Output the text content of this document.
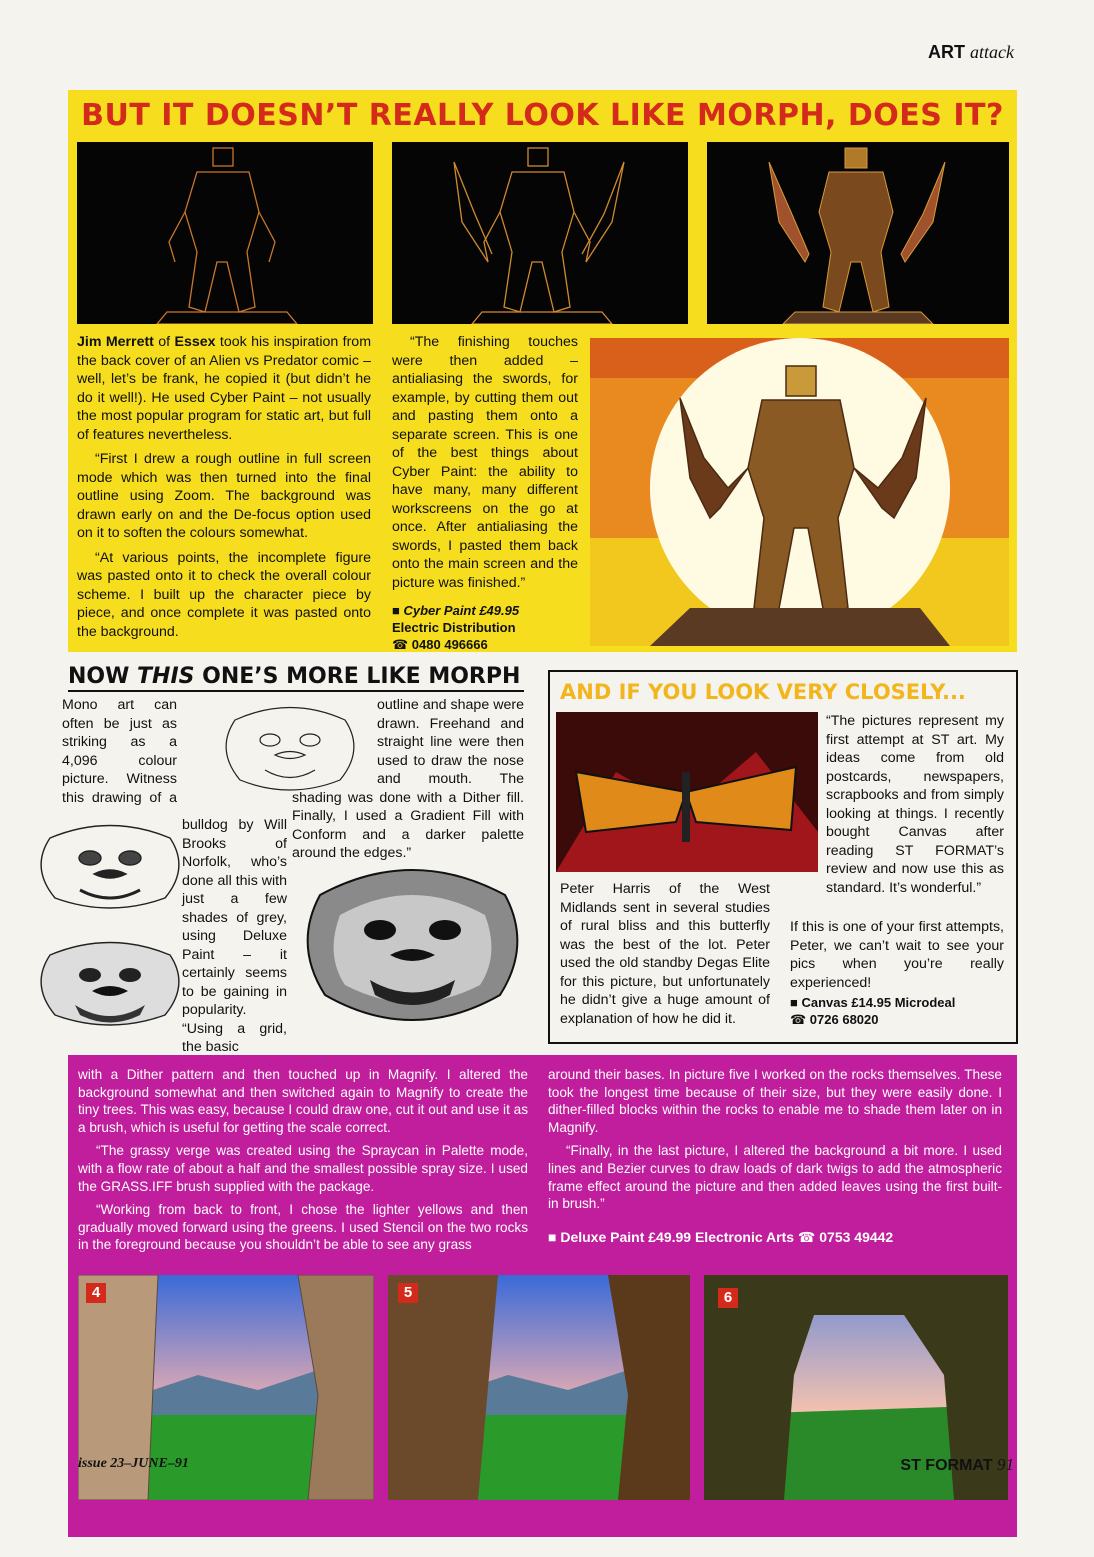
ART attack
BUT IT DOESN’T REALLY LOOK LIKE MORPH, DOES IT?

Jim Merrett of Essex took his inspiration from the back cover of an Alien vs Predator comic – well, let’s be frank, he copied it (but didn’t he do it well!). He used Cyber Paint – not usually the most popular program for static art, but full of features nevertheless.

“First I drew a rough outline in full screen mode which was then turned into the final outline using Zoom. The background was drawn early on and the De-focus option used on it to soften the colours somewhat.

“At various points, the incomplete figure was pasted onto it to check the overall colour scheme. I built up the character piece by piece, and once complete it was pasted onto the background.

“The finishing touches were then added – antialiasing the swords, for example, by cutting them out and pasting them onto a separate screen. This is one of the best things about Cyber Paint: the ability to have many, many different workscreens on the go at once. After antialiasing the swords, I pasted them back onto the main screen and the picture was finished.”

■ Cyber Paint £49.95
Electric Distribution
☎ 0480 496666
NOW THIS ONE’S MORE LIKE MORPH
Mono art can often be just as striking as a 4,096 colour picture. Witness this drawing of a bulldog by Will Brooks of Norfolk, who’s done all this with just a few shades of grey, using Deluxe Paint – it certainly seems to be gaining in popularity. “Using a grid, the basic
outline and shape were drawn. Freehand and straight line were then used to draw the nose and mouth. The shading was done with a Dither fill. Finally, I used a Gradient Fill with Conform and a darker palette around the edges.”
AND IF YOU LOOK VERY CLOSELY...
“The pictures represent my first attempt at ST art. My ideas come from old postcards, newspapers, scrapbooks and from simply looking at things. I recently bought Canvas after reading ST FORMAT’s review and now use this as standard. It’s wonderful.”
Peter Harris of the West Midlands sent in several studies of rural bliss and this butterfly was the best of the lot. Peter used the old standby Degas Elite for this picture, but unfortunately he didn’t give a huge amount of explanation of how he did it.
If this is one of your first attempts, Peter, we can’t wait to see your pics when you’re really experienced!
■ Canvas £14.95 Microdeal
☎ 0726 68020

with a Dither pattern and then touched up in Magnify. I altered the background somewhat and then switched again to Magnify to create the tiny trees. This was easy, because I could draw one, cut it out and use it as a brush, which is useful for getting the scale correct.

“The grassy verge was created using the Spraycan in Palette mode, with a flow rate of about a half and the smallest possible spray size. I used the GRASS.IFF brush supplied with the package.

“Working from back to front, I chose the lighter yellows and then gradually moved forward using the greens. I used Stencil on the two rocks in the foreground because you shouldn’t be able to see any grass

around their bases. In picture five I worked on the rocks themselves. These took the longest time because of their size, but they were easily done. I dither-filled blocks within the rocks to enable me to shade them later on in Magnify.

“Finally, in the last picture, I altered the background a bit more. I used lines and Bezier curves to draw loads of dark twigs to add the atmospheric frame effect around the picture and then added leaves using the first built-in brush.”

■ Deluxe Paint £49.99 Electronic Arts ☎ 0753 49442
4	5	6
issue 23–JUNE–91	ST FORMAT 91
